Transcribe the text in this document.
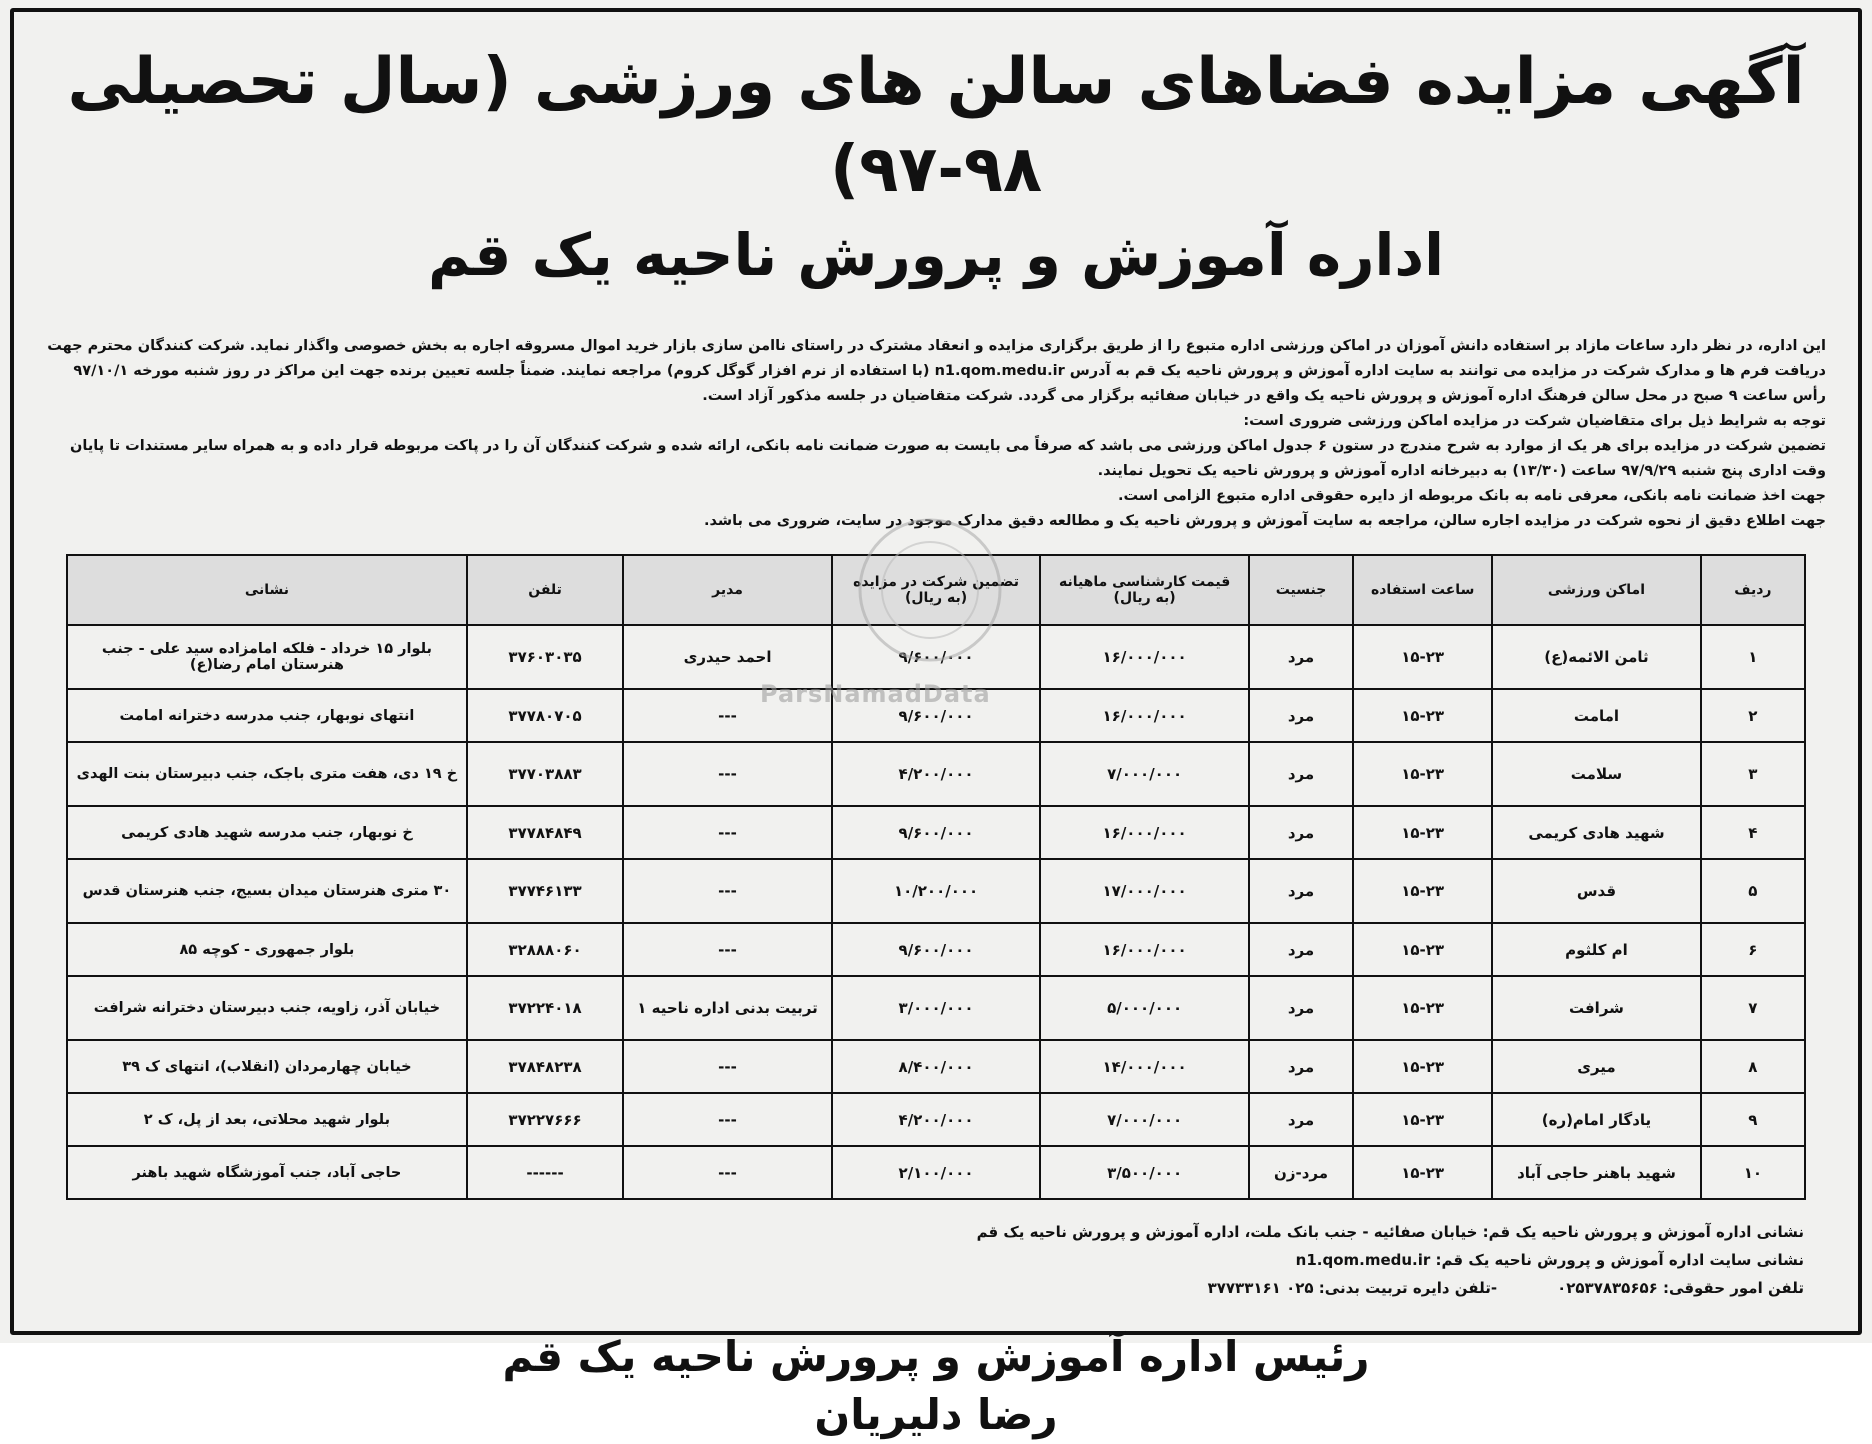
آگهی مزایده فضاهای سالن های ورزشی (سال تحصیلی ۹۸-۹۷)
اداره آموزش و پرورش ناحیه یک قم

این اداره، در نظر دارد ساعات مازاد بر استفاده دانش آموزان در اماکن ورزشی اداره متبوع را از طریق برگزاری مزایده و انعقاد مشترک در راستای ناامن سازی بازار خرید اموال مسروقه اجاره به بخش خصوصی واگذار نماید. شرکت کنندگان محترم جهت دریافت فرم ها و مدارک شرکت در مزایده می توانند به سایت اداره آموزش و پرورش ناحیه یک قم به آدرس n1.qom.medu.ir (با استفاده از نرم افزار گوگل کروم) مراجعه نمایند. ضمناً جلسه تعیین برنده جهت این مراکز در روز شنبه مورخه ۹۷/۱۰/۱ رأس ساعت ۹ صبح در محل سالن فرهنگ اداره آموزش و پرورش ناحیه یک واقع در خیابان صفائیه برگزار می گردد. شرکت متقاضیان در جلسه مذکور آزاد است.

توجه به شرایط ذیل برای متقاضیان شرکت در مزایده اماکن ورزشی ضروری است:

تضمین شرکت در مزایده برای هر یک از موارد به شرح مندرج در ستون ۶ جدول اماکن ورزشی می باشد که صرفاً می بایست به صورت ضمانت نامه بانکی، ارائه شده و شرکت کنندگان آن را در پاکت مربوطه قرار داده و به همراه سایر مستندات تا پایان وقت اداری پنج شنبه ۹۷/۹/۲۹ ساعت (۱۳/۳۰) به دبیرخانه اداره آموزش و پرورش ناحیه یک تحویل نمایند.

جهت اخذ ضمانت نامه بانکی، معرفی نامه به بانک مربوطه از دایره حقوقی اداره متبوع الزامی است.

جهت اطلاع دقیق از نحوه شرکت در مزایده اجاره سالن، مراجعه به سایت آموزش و پرورش ناحیه یک و مطالعه دقیق مدارک موجود در سایت، ضروری می باشد.

ردیف	اماکن ورزشی	ساعت استفاده	جنسیت	قیمت کارشناسی ماهیانه (به ریال)	تضمین شرکت در مزایده (به ریال)	مدیر	تلفن	نشانی
۱	ثامن الائمه(ع)	۱۵-۲۳	مرد	۱۶/۰۰۰/۰۰۰	۹/۶۰۰/۰۰۰	احمد حیدری	۳۷۶۰۳۰۳۵	بلوار ۱۵ خرداد - فلکه امامزاده سید علی - جنب هنرستان امام رضا(ع)
۲	امامت	۱۵-۲۳	مرد	۱۶/۰۰۰/۰۰۰	۹/۶۰۰/۰۰۰	---	۳۷۷۸۰۷۰۵	انتهای نوبهار، جنب مدرسه دخترانه امامت
۳	سلامت	۱۵-۲۳	مرد	۷/۰۰۰/۰۰۰	۴/۲۰۰/۰۰۰	---	۳۷۷۰۳۸۸۳	خ ۱۹ دی، هفت متری باجک، جنب دبیرستان بنت الهدی
۴	شهید هادی کریمی	۱۵-۲۳	مرد	۱۶/۰۰۰/۰۰۰	۹/۶۰۰/۰۰۰	---	۳۷۷۸۴۸۴۹	خ نوبهار، جنب مدرسه شهید هادی کریمی
۵	قدس	۱۵-۲۳	مرد	۱۷/۰۰۰/۰۰۰	۱۰/۲۰۰/۰۰۰	---	۳۷۷۴۶۱۳۳	۳۰ متری هنرستان میدان بسیج، جنب هنرستان قدس
۶	ام کلثوم	۱۵-۲۳	مرد	۱۶/۰۰۰/۰۰۰	۹/۶۰۰/۰۰۰	---	۳۲۸۸۸۰۶۰	بلوار جمهوری - کوچه ۸۵
۷	شرافت	۱۵-۲۳	مرد	۵/۰۰۰/۰۰۰	۳/۰۰۰/۰۰۰	تربیت بدنی اداره ناحیه ۱	۳۷۲۲۴۰۱۸	خیابان آذر، زاویه، جنب دبیرستان دخترانه شرافت
۸	میری	۱۵-۲۳	مرد	۱۴/۰۰۰/۰۰۰	۸/۴۰۰/۰۰۰	---	۳۷۸۴۸۲۳۸	خیابان چهارمردان (انقلاب)، انتهای ک ۳۹
۹	یادگار امام(ره)	۱۵-۲۳	مرد	۷/۰۰۰/۰۰۰	۴/۲۰۰/۰۰۰	---	۳۷۲۲۷۶۶۶	بلوار شهید محلاتی، بعد از پل، ک ۲
۱۰	شهید باهنر حاجی آباد	۱۵-۲۳	مرد-زن	۳/۵۰۰/۰۰۰	۲/۱۰۰/۰۰۰	---	------	حاجی آباد، جنب آموزشگاه شهید باهنر

نشانی اداره آموزش و پرورش ناحیه یک قم: خیابان صفائیه - جنب بانک ملت، اداره آموزش و پرورش ناحیه یک قم

نشانی سایت اداره آموزش و پرورش ناحیه یک قم: n1.qom.medu.ir

تلفن امور حقوقی: ۰۲۵۳۷۸۳۵۶۵۶
-تلفن دایره تربیت بدنی: ۰۲۵ ۳۷۷۳۳۱۶۱
رئیس اداره آموزش و پرورش ناحیه یک قم
رضا دلیریان
ParsNamadData
